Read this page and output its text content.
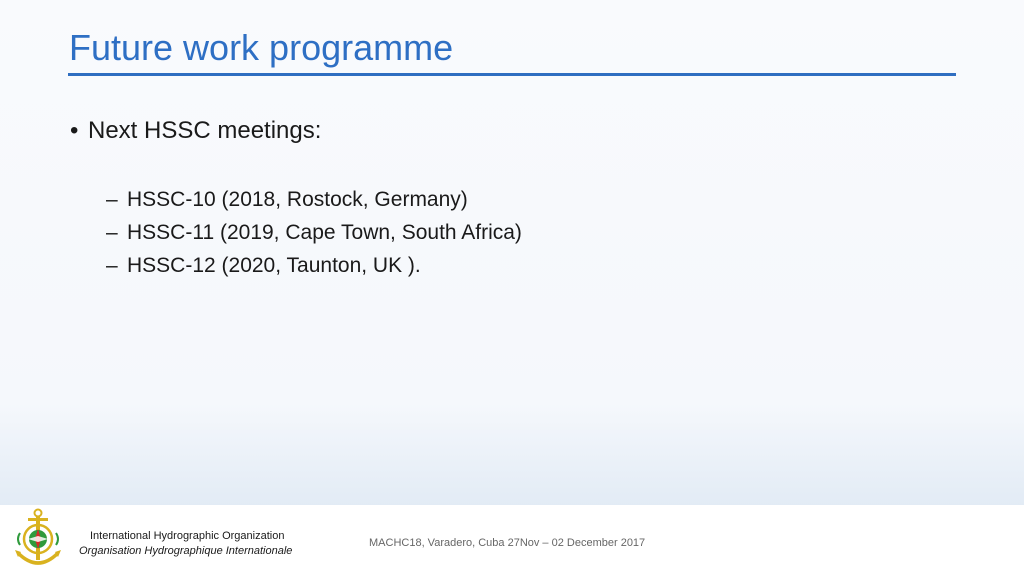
Future work programme
• Next HSSC meetings:
– HSSC-10 (2018, Rostock, Germany)
– HSSC-11 (2019, Cape Town, South Africa)
– HSSC-12 (2020, Taunton, UK ).
International Hydrographic Organization
Organisation Hydrographique Internationale
MACHC18, Varadero, Cuba 27Nov – 02 December 2017
